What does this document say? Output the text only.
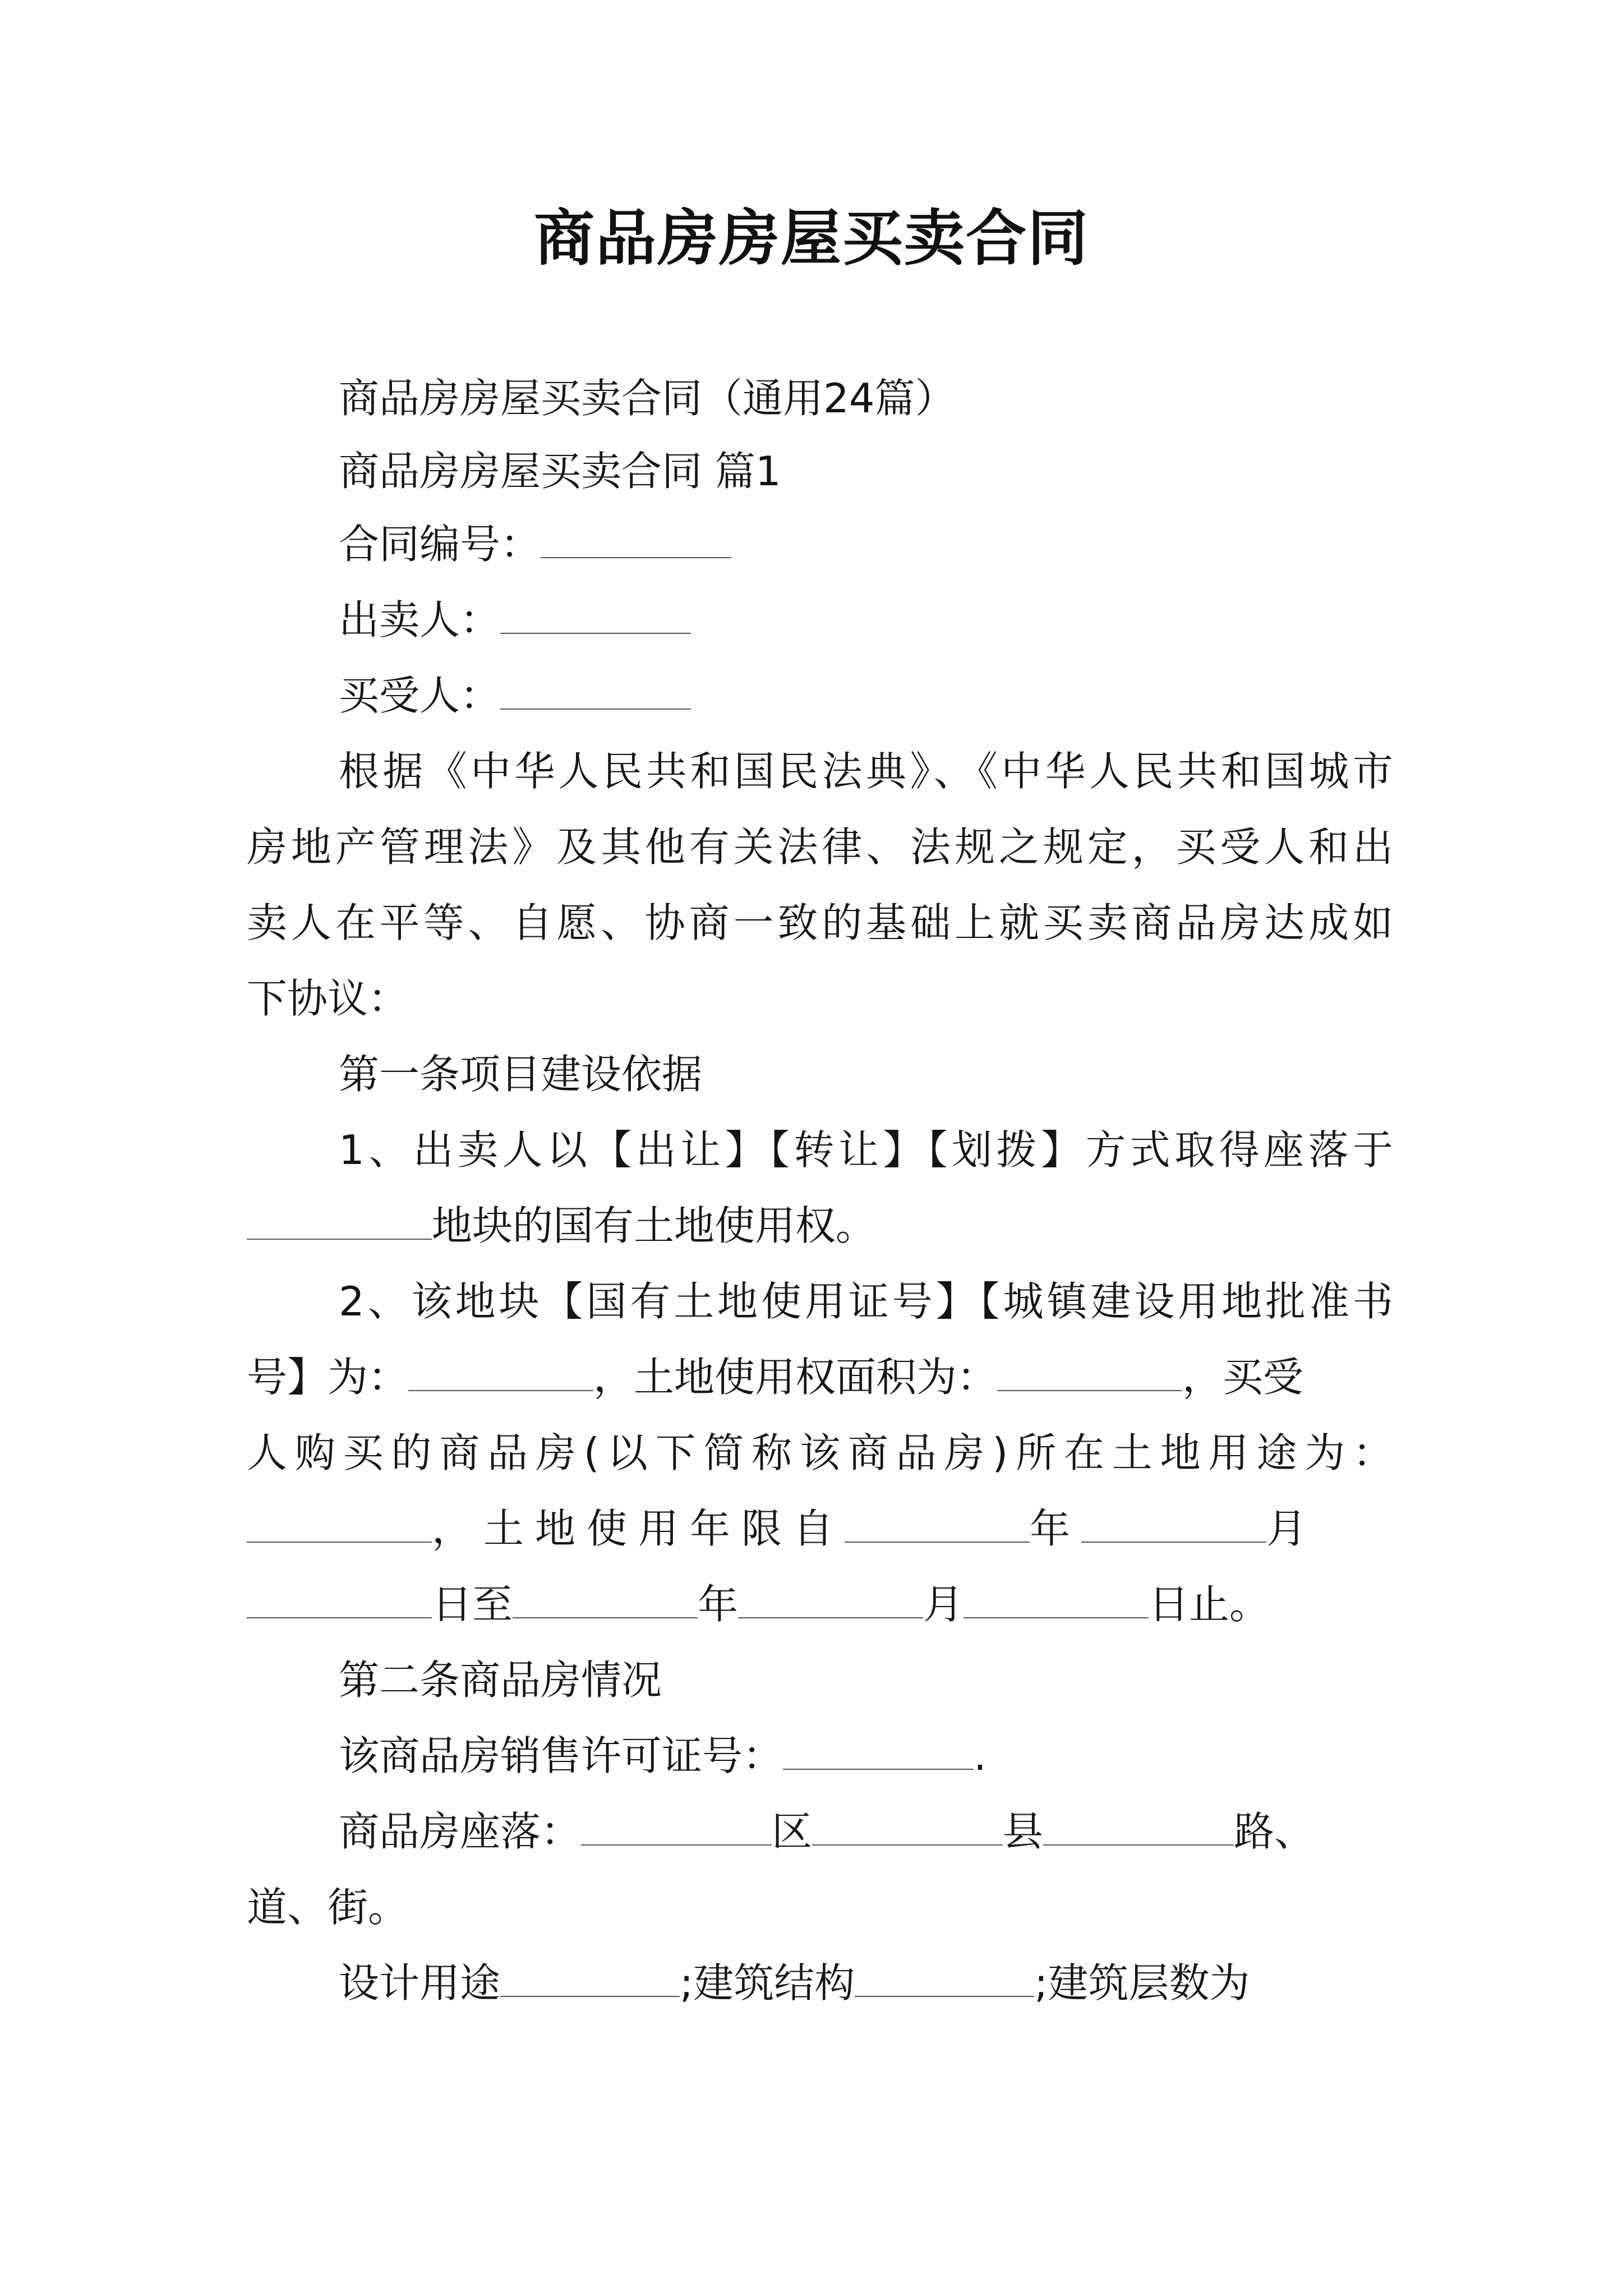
商品房房屋买卖合同
商品房房屋买卖合同（通用24篇）
商品房房屋买卖合同 篇1
合同编号：
出卖人：
买受人：
根据《中华人民共和国民法典》、《中华人民共和国城市
房地产管理法》及其他有关法律、法规之规定，买受人和出
卖人在平等、自愿、协商一致的基础上就买卖商品房达成如
下协议：
第一条项目建设依据
1、出卖人以【出让】【转让】【划拨】方式取得座落于
地块的国有土地使用权。
2、该地块【国有土地使用证号】【城镇建设用地批准书
号】为：	，土地使用权面积为：	，买受
人购买的商品房(以下简称该商品房)所在土地用途为：
，土地使用年限自	年	月
日至	年	月	日止。
第二条商品房情况
该商品房销售许可证号：	.
商品房座落：	区	县	路、
道、街。
设计用途	;建筑结构	;建筑层数为
